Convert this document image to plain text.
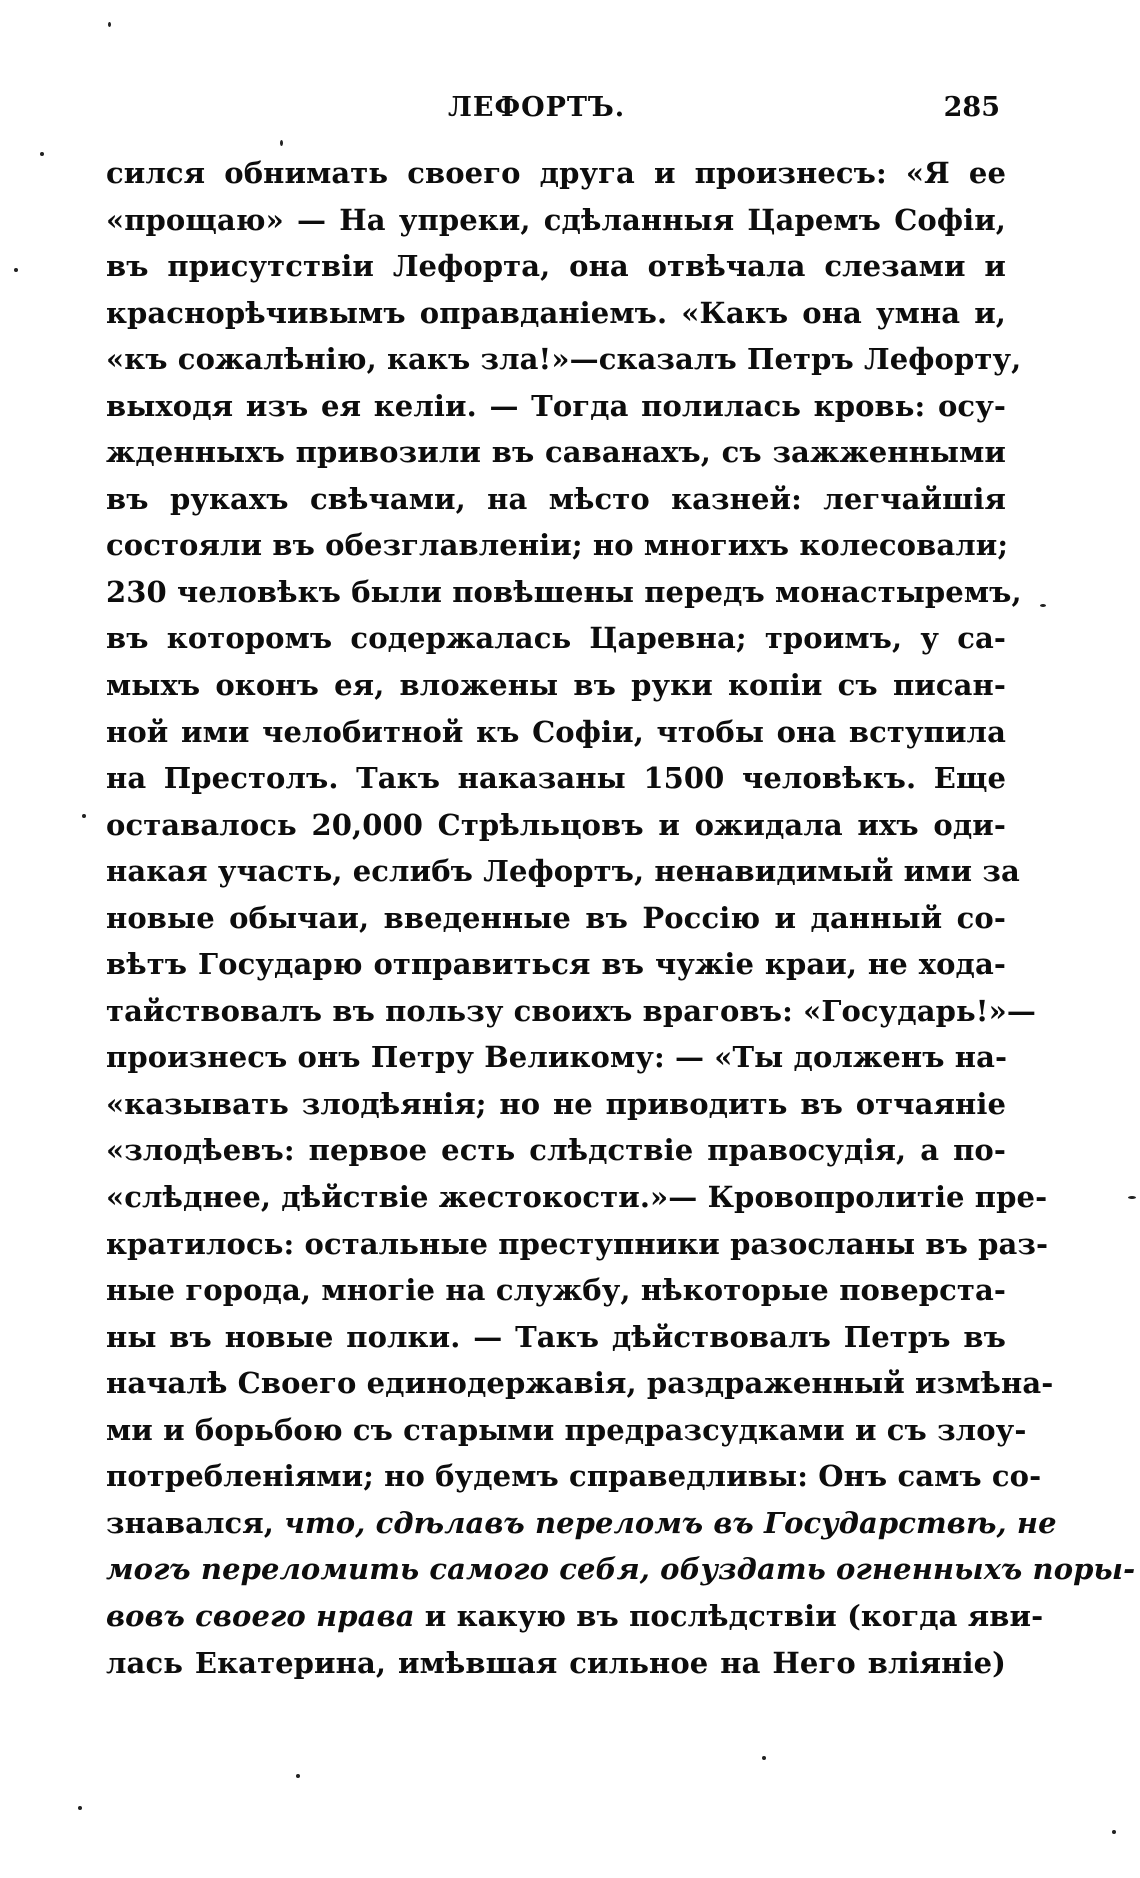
ЛЕФОРТЪ.	285
сился обнимать своего друга и произнесъ: «Я ее
«прощаю» — На упреки, сдѣланныя Царемъ Софіи,
въ присутствіи Лефорта, она отвѣчала слезами и
краснорѣчивымъ оправданіемъ. «Какъ она умна и,
«къ сожалѣнію, какъ зла!»—сказалъ Петръ Лефорту,
выходя изъ ея келіи. — Тогда полилась кровь: осу-
жденныхъ привозили въ саванахъ, съ зажженными
въ рукахъ свѣчами, на мѣсто казней: легчайшія
состояли въ обезглавленіи; но многихъ колесовали;
230 человѣкъ были повѣшены передъ монастыремъ,
въ которомъ содержалась Царевна; троимъ, у са-
мыхъ оконъ ея, вложены въ руки копіи съ писан-
ной ими челобитной къ Софіи, чтобы она вступила
на Престолъ. Такъ наказаны 1500 человѣкъ. Еще
оставалось 20,000 Стрѣльцовъ и ожидала ихъ оди-
накая участь, еслибъ Лефортъ, ненавидимый ими за
новые обычаи, введенные въ Россію и данный со-
вѣтъ Государю отправиться въ чужіе краи, не хода-
тайствовалъ въ пользу своихъ враговъ: «Государь!»—
произнесъ онъ Петру Великому: — «Ты долженъ на-
«казывать злодѣянія; но не приводить въ отчаяніе
«злодѣевъ: первое есть слѣдствіе правосудія, а по-
«слѣднее, дѣйствіе жестокости.»— Кровопролитіе пре-
кратилось: остальные преступники разосланы въ раз-
ные города, многіе на службу, нѣкоторые поверста-
ны въ новые полки. — Такъ дѣйствовалъ Петръ въ
началѣ Своего единодержавія, раздраженный измѣна-
ми и борьбою съ старыми предразсудками и съ злоу-
потребленіями; но будемъ справедливы: Онъ самъ со-
знавался, что, сдѣлавъ переломъ въ Государствѣ, не
могъ переломить самого себя, обуздать огненныхъ поры-
вовъ своего нрава и какую въ послѣдствіи (когда яви-
лась Екатерина, имѣвшая сильное на Него вліяніе)
